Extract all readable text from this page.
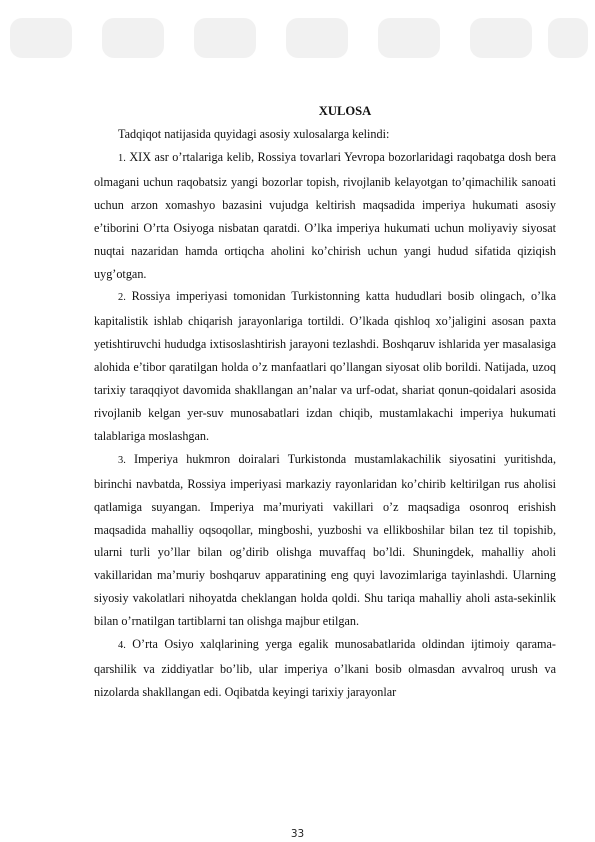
XULOSA

Tadqiqot natijasida quyidagi asosiy xulosalarga kelindi:

1. XIX asr o’rtalariga kelib, Rossiya tovarlari Yevropa bozorlaridagi raqobatga dosh bera olmagani uchun raqobatsiz yangi bozorlar topish, rivojlanib kelayotgan to’qimachilik sanoati uchun arzon xomashyo bazasini vujudga keltirish maqsadida imperiya hukumati asosiy e’tiborini O’rta Osiyoga nisbatan qaratdi. O’lka imperiya hukumati uchun moliyaviy siyosat nuqtai nazaridan hamda ortiqcha aholini ko’chirish uchun yangi hudud sifatida qiziqish uyg’otgan.

2. Rossiya imperiyasi tomonidan Turkistonning katta hududlari bosib olingach, o’lka kapitalistik ishlab chiqarish jarayonlariga tortildi. O’lkada qishloq xo’jaligini asosan paxta yetishtiruvchi hududga ixtisoslashtirish jarayoni tezlashdi. Boshqaruv ishlarida yer masalasiga alohida e’tibor qaratilgan holda o’z manfaatlari qo’llangan siyosat olib borildi. Natijada, uzoq tarixiy taraqqiyot davomida shakllangan an’nalar va urf-odat, shariat qonun-qoidalari asosida rivojlanib kelgan yer-suv munosabatlari izdan chiqib, mustamlakachi imperiya hukumati talablariga moslashgan.

3. Imperiya hukmron doiralari Turkistonda mustamlakachilik siyosatini yuritishda, birinchi navbatda, Rossiya imperiyasi markaziy rayonlaridan ko’chirib keltirilgan rus aholisi qatlamiga suyangan. Imperiya ma’muriyati vakillari o’z maqsadiga osonroq erishish maqsadida mahalliy oqsoqollar, mingboshi, yuzboshi va ellikboshilar bilan tez til topishib, ularni turli yo’llar bilan og’dirib olishga muvaffaq bo’ldi. Shuningdek, mahalliy aholi vakillaridan ma’muriy boshqaruv apparatining eng quyi lavozimlariga tayinlashdi. Ularning siyosiy vakolatlari nihoyatda cheklangan holda qoldi. Shu tariqa mahalliy aholi asta-sekinlik bilan o’rnatilgan tartiblarni tan olishga majbur etilgan.

4. O’rta Osiyo xalqlarining yerga egalik munosabatlarida oldindan ijtimoiy qarama-qarshilik va ziddiyatlar bo’lib, ular imperiya o’lkani bosib olmasdan avvalroq urush va nizolarda shakllangan edi. Oqibatda keyingi tarixiy jarayonlar

33
